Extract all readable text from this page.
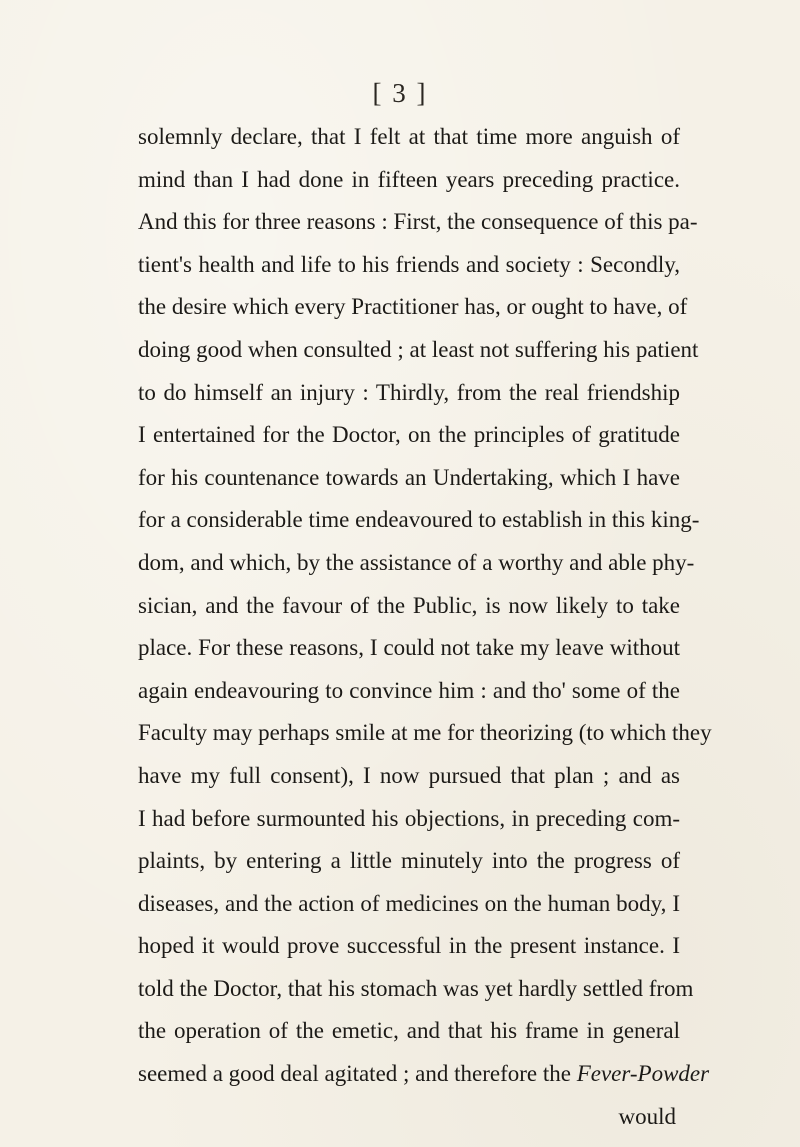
[ 3 ]
solemnly declare, that I felt at that time more anguish of
mind than I had done in fifteen years preceding practice.
And this for three reasons : First, the consequence of this pa-
tient's health and life to his friends and society : Secondly,
the desire which every Practitioner has, or ought to have, of
doing good when consulted ; at least not suffering his patient
to do himself an injury : Thirdly, from the real friendship
I entertained for the Doctor, on the principles of gratitude
for his countenance towards an Undertaking, which I have
for a considerable time endeavoured to establish in this king-
dom, and which, by the assistance of a worthy and able phy-
sician, and the favour of the Public, is now likely to take
place. For these reasons, I could not take my leave without
again endeavouring to convince him : and tho' some of the
Faculty may perhaps smile at me for theorizing (to which they
have my full consent), I now pursued that plan ; and as
I had before surmounted his objections, in preceding com-
plaints, by entering a little minutely into the progress of
diseases, and the action of medicines on the human body, I
hoped it would prove successful in the present instance. I
told the Doctor, that his stomach was yet hardly settled from
the operation of the emetic, and that his frame in general
seemed a good deal agitated ; and therefore the Fever-Powder
would
